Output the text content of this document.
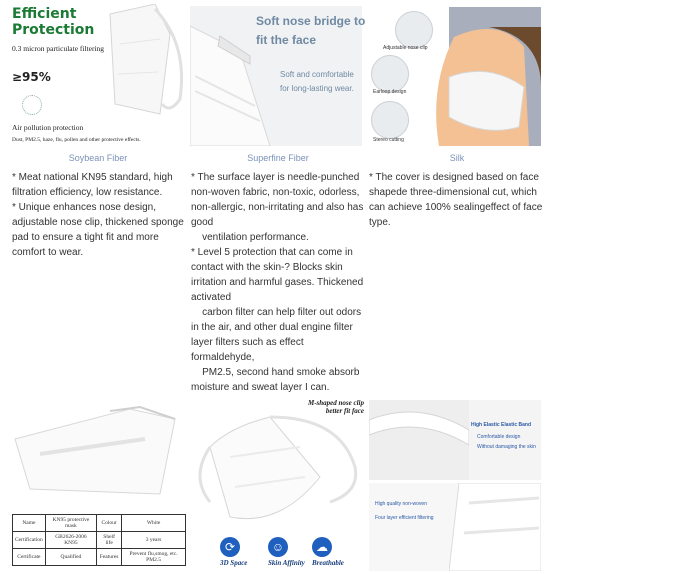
Efficient Protection
0.3 micron particulate filtering
≥95%
Air pollution protection
Dust, PM2.5, haze, flu, pollen and other protective effects.
Soft nose bridge to fit the face
Soft and comfortable for long-lasting wear.
Adjustable nose clip
Earloop design
Stereo cutting
Soybean Fiber	Superfine Fiber	Silk
* Meat national KN95 standard, high filtration efficiency, low resistance.
* Unique enhances nose design, adjustable nose clip, thickened sponge pad to ensure a tight fit and more comfort to wear.
* The surface layer is needle-punched non-woven fabric, non-toxic, odorless, non-allergic, non-irritating and also has good
ventilation performance.
* Level 5 protection that can come in contact with the skin-? Blocks skin irritation and harmful gases. Thickened activated
carbon filter can help filter out odors in the air, and other dual engine filter layer filters such as effect formaldehyde,
PM2.5, second hand smoke absorb moisture and sweat layer I can.
* The cover is designed based on face shapede three-dimensional cut, which can achieve 100% sealingeffect of face type.
Name	KN95 protective mask	Colour	White
Certification	GB2626-2006 KN95	Shelf life	3 years
Certificate	Qualified	Features	Prevent flu,smog, etc. PM2.5
M-shaped nose clip better fit face
⟳
3D Space
☺
Skin Affinity
☁
Breathable
High Elastic Elastic Band
Comfortable design
Without damaging the skin
High quality non-woven
Four layer efficient filtering
